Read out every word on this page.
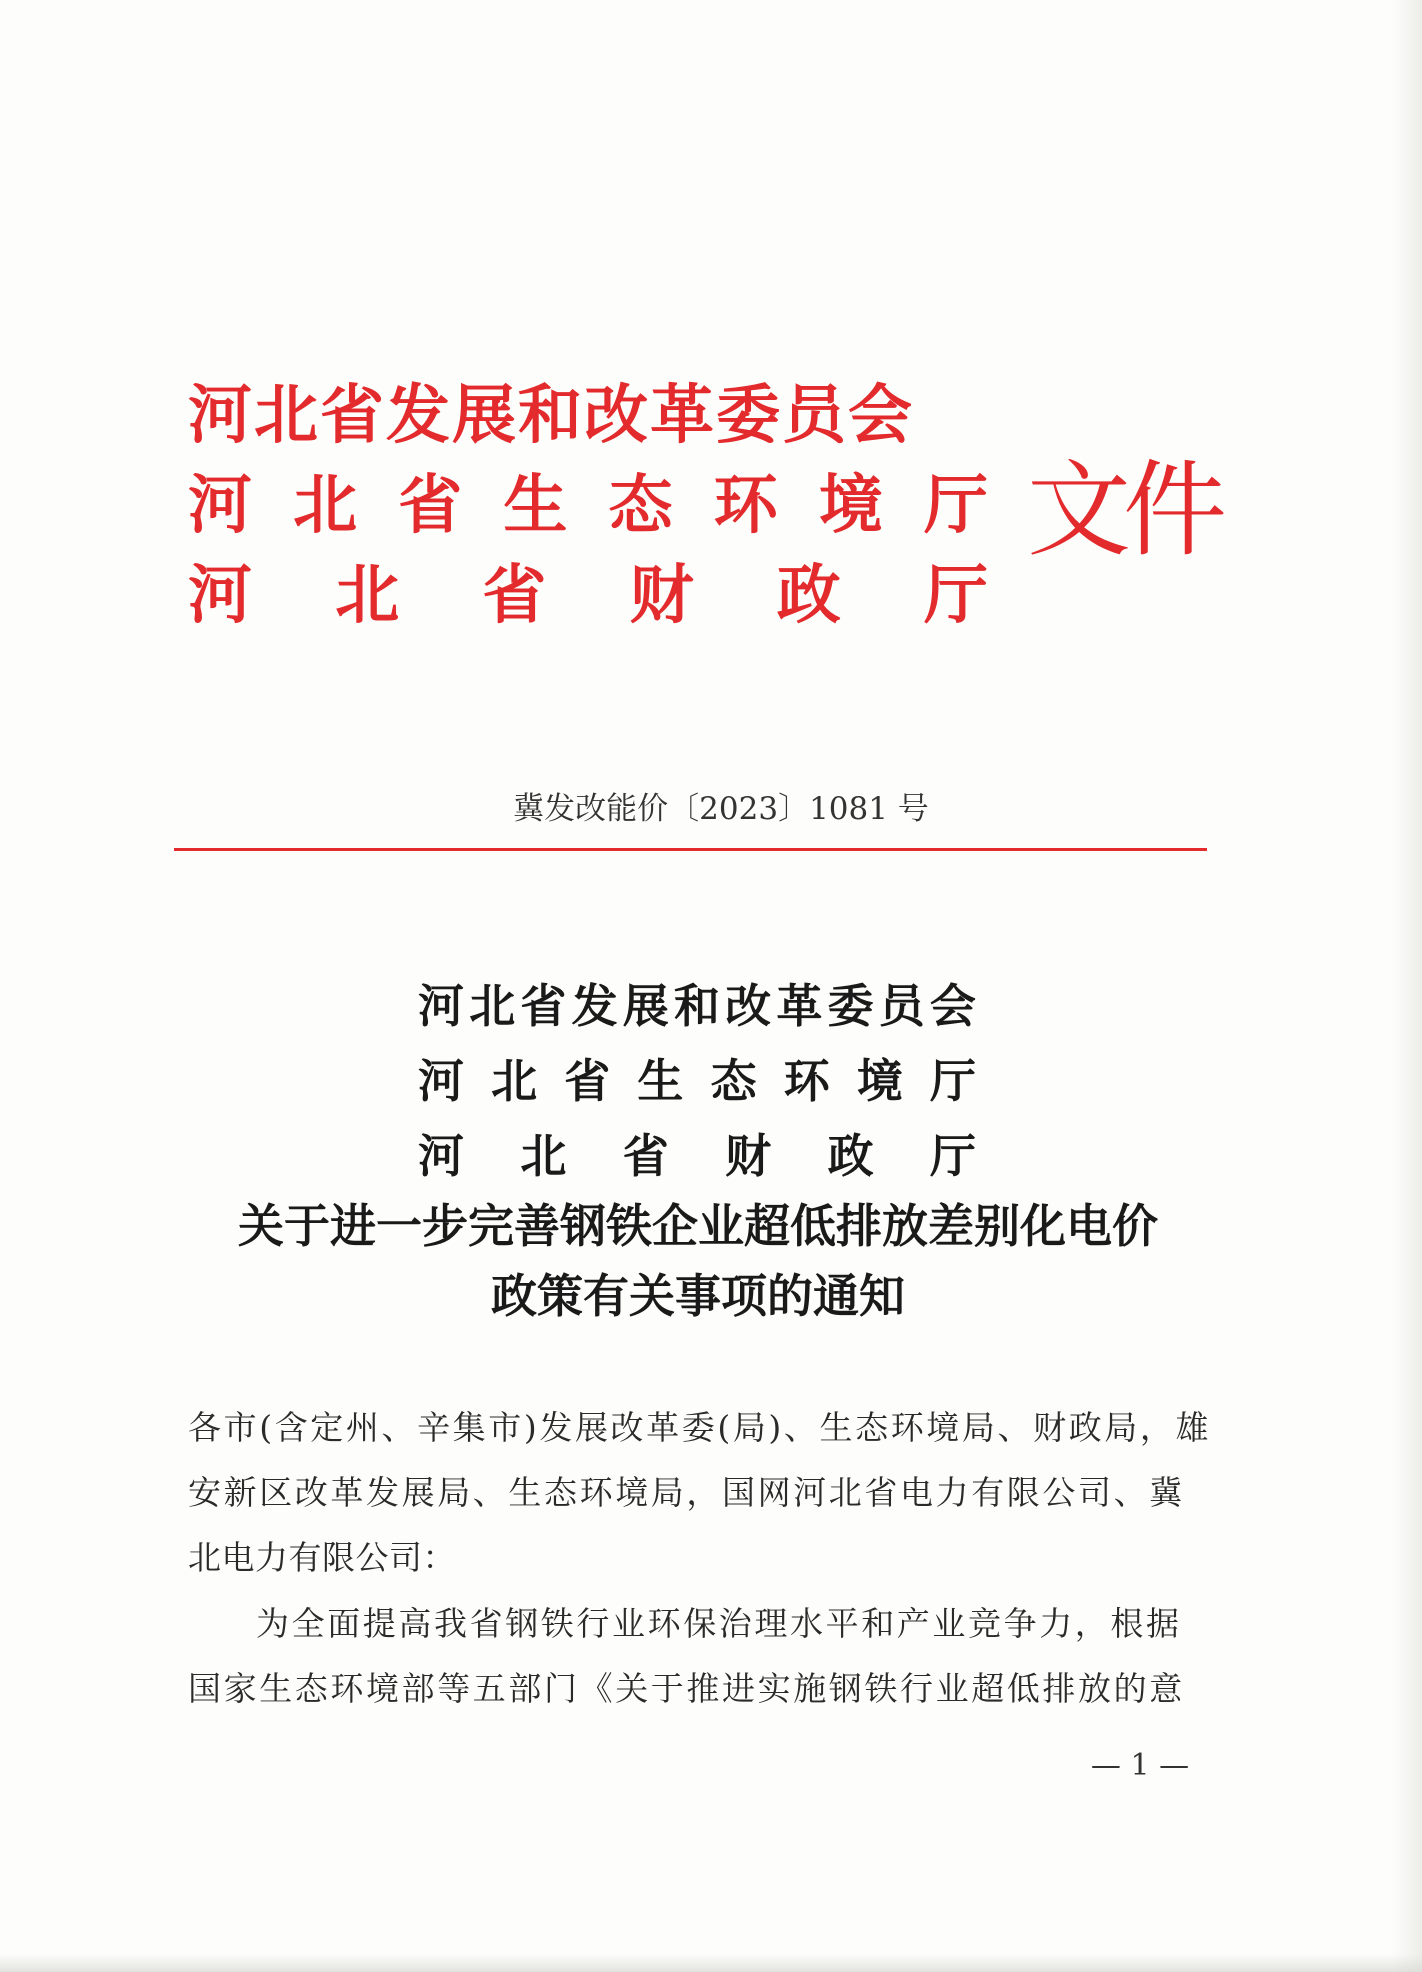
河北省发展和改革委员会
河 北 省 生 态 环 境 厅
河 北 省 财 政 厅
文件
冀发改能价〔2023〕1081 号
河 北 省 发 展 和 改 革 委 员 会
河 北 省 生 态 环 境 厅
河 北 省 财 政 厅
关于进一步完善钢铁企业超低排放差别化电价
政策有关事项的通知
各市(含定州、辛集市)发展改革委(局)、生态环境局、财政局，雄
安新区改革发展局、生态环境局，国网河北省电力有限公司、冀
北电力有限公司：
为全面提高我省钢铁行业环保治理水平和产业竞争力，根据
国家生态环境部等五部门《关于推进实施钢铁行业超低排放的意
— 1 —
